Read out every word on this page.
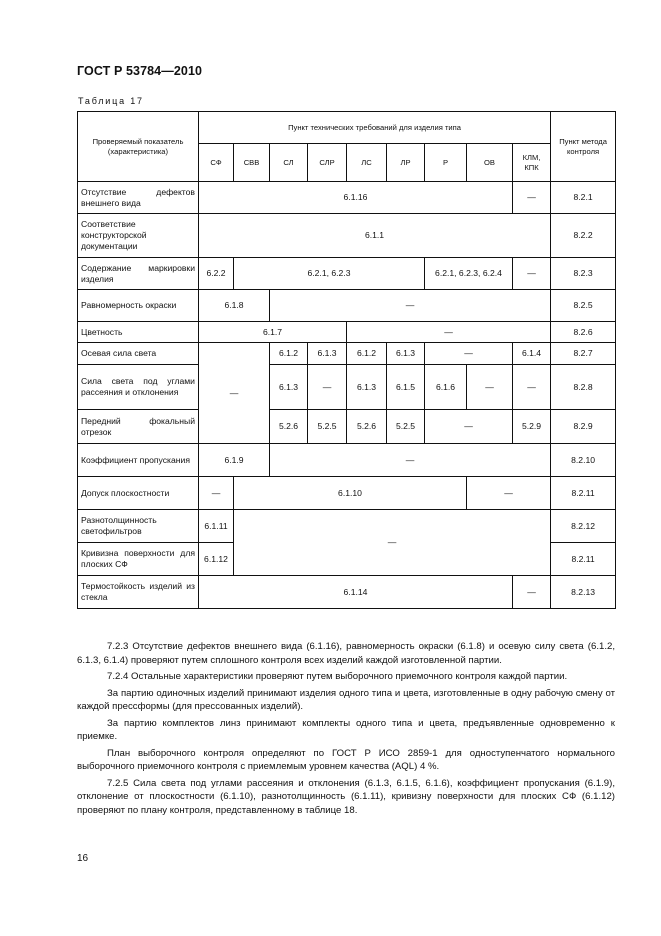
ГОСТ Р 53784—2010
Таблица 17
Проверяемый показатель (характеристика)	Пункт технических требований для изделия типа									Пункт метода контроля
	СФ	СВВ	СЛ	СЛР	ЛС	ЛР	Р	ОВ	КЛМ, КПК	
Отсутствие дефектов внешнего вида	6.1.16								—	8.2.1
Соответствие конструкторской документации	6.1.1									8.2.2
Содержание маркировки изделия	6.2.2	6.2.1, 6.2.3					6.2.1, 6.2.3, 6.2.4		—	8.2.3
Равномерность окраски	6.1.8		—							8.2.5
Цветность	6.1.7				—					8.2.6
Осевая сила света	—		6.1.2	6.1.3	6.1.2	6.1.3	—		6.1.4	8.2.7
Сила света под углами рассеяния и отклонения			6.1.3	—	6.1.3	6.1.5	6.1.6	—	—	8.2.8
Передний фокальный отрезок			5.2.6	5.2.5	5.2.6	5.2.5	—		5.2.9	8.2.9
Коэффициент пропускания	6.1.9		—							8.2.10
Допуск плоскостности	—	6.1.10						—		8.2.11
Разнотолщинность светофильтров	6.1.11	—								8.2.12
Кривизна поверхности для плоских СФ	6.1.12									8.2.11
Термостойкость изделий из стекла	6.1.14								—	8.2.13

7.2.3 Отсутствие дефектов внешнего вида (6.1.16), равномерность окраски (6.1.8) и осевую силу света (6.1.2, 6.1.3, 6.1.4) проверяют путем сплошного контроля всех изделий каждой изготовленной партии.

7.2.4 Остальные характеристики проверяют путем выборочного приемочного контроля каждой партии.

За партию одиночных изделий принимают изделия одного типа и цвета, изготовленные в одну рабочую смену от каждой прессформы (для прессованных изделий).

За партию комплектов линз принимают комплекты одного типа и цвета, предъявленные одновременно к приемке.

План выборочного контроля определяют по ГОСТ Р ИСО 2859-1 для одноступенчатого нормального выборочного приемочного контроля с приемлемым уровнем качества (AQL) 4 %.

7.2.5 Сила света под углами рассеяния и отклонения (6.1.3, 6.1.5, 6.1.6), коэффициент пропускания (6.1.9), отклонение от плоскостности (6.1.10), разнотолщинность (6.1.11), кривизну поверхности для плоских СФ (6.1.12) проверяют по плану контроля, представленному в таблице 18.

16
